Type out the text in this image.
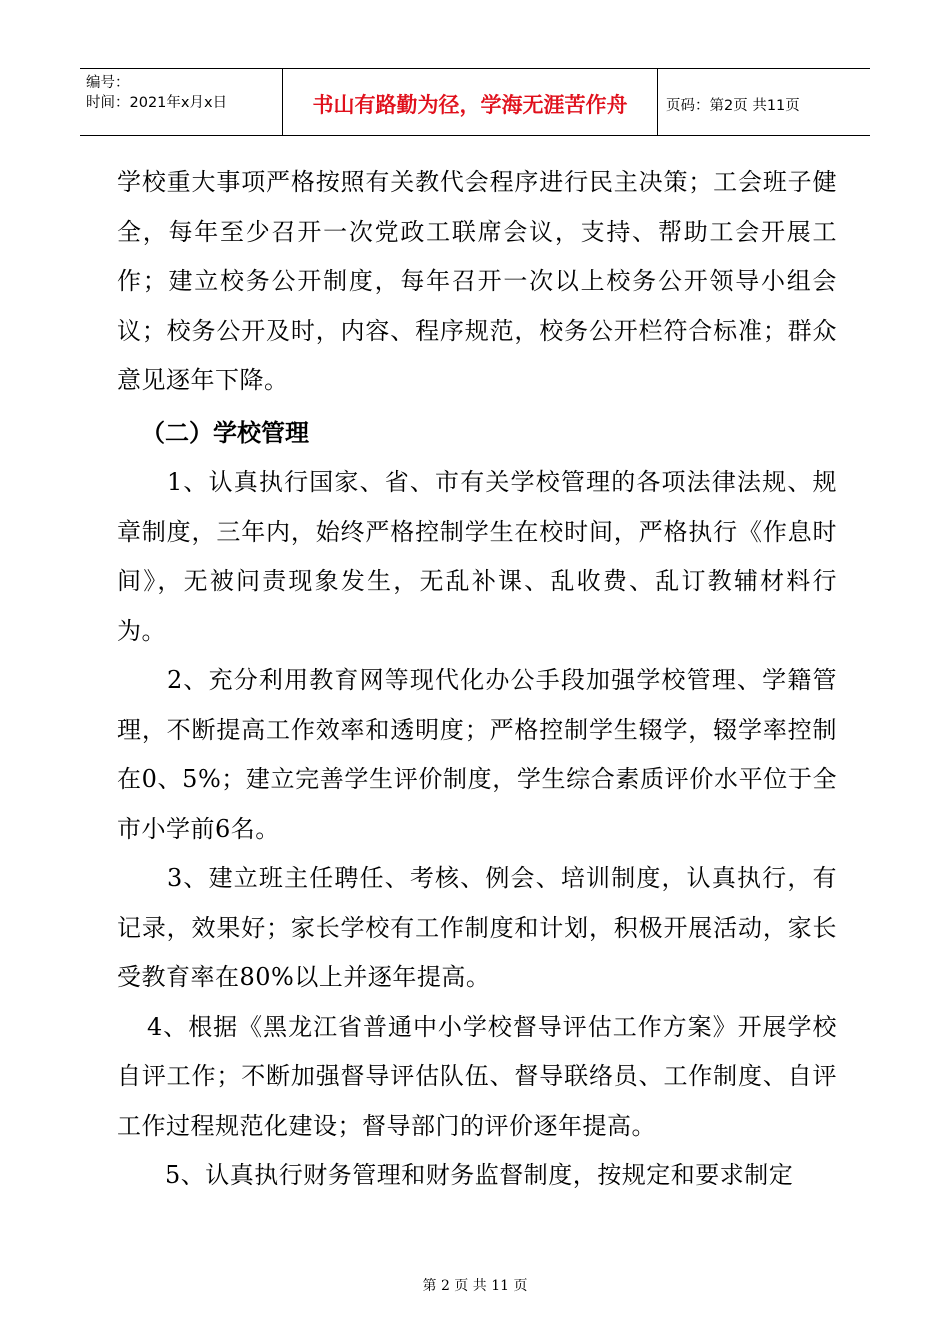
编号：
时间：2021年x月x日	书山有路勤为径，学海无涯苦作舟	页码：第2页 共11页

学校重大事项严格按照有关教代会程序进行民主决策；工会班子健全，每年至少召开一次党政工联席会议，支持、帮助工会开展工作；建立校务公开制度，每年召开一次以上校务公开领导小组会议；校务公开及时，内容、程序规范，校务公开栏符合标准；群众意见逐年下降。

（二）学校管理

1、认真执行国家、省、市有关学校管理的各项法律法规、规章制度，三年内，始终严格控制学生在校时间，严格执行《作息时间》，无被问责现象发生，无乱补课、乱收费、乱订教辅材料行为。

2、充分利用教育网等现代化办公手段加强学校管理、学籍管理，不断提高工作效率和透明度；严格控制学生辍学，辍学率控制在0、5%；建立完善学生评价制度，学生综合素质评价水平位于全市小学前6名。

3、建立班主任聘任、考核、例会、培训制度，认真执行，有记录，效果好；家长学校有工作制度和计划，积极开展活动，家长受教育率在80%以上并逐年提高。

4、根据《黑龙江省普通中小学校督导评估工作方案》开展学校自评工作；不断加强督导评估队伍、督导联络员、工作制度、自评工作过程规范化建设；督导部门的评价逐年提高。

5、认真执行财务管理和财务监督制度，按规定和要求制定

第 2 页 共 11 页
